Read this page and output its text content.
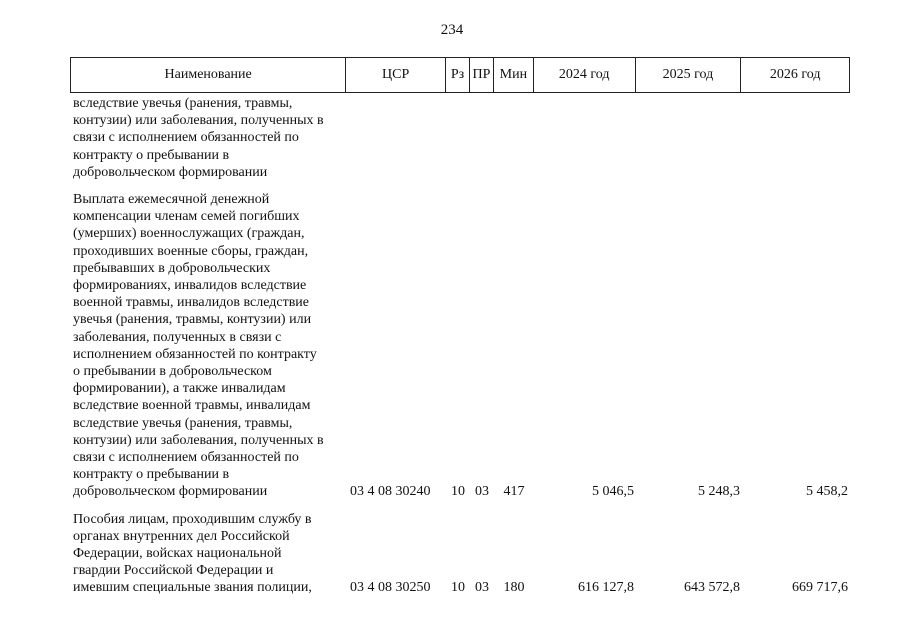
234
Наименование	ЦСР	Рз ПР Мин	2024 год	2025 год	2026 год
вследствие увечья (ранения, травмы,
контузии) или заболевания, полученных в
связи с исполнением обязанностей по
контракту о пребывании в
добровольческом формировании
Выплата ежемесячной денежной
компенсации членам семей погибших
(умерших) военнослужащих (граждан,
проходивших военные сборы, граждан,
пребывавших в добровольческих
формированиях, инвалидов вследствие
военной травмы, инвалидов вследствие
увечья (ранения, травмы, контузии) или
заболевания, полученных в связи с
исполнением обязанностей по контракту
о пребывании в добровольческом
формировании), а также инвалидам
вследствие военной травмы, инвалидам
вследствие увечья (ранения, травмы,
контузии) или заболевания, полученных в
связи с исполнением обязанностей по
контракту о пребывании в
добровольческом формировании	03 4 08 30240	10 03	417	5 046,5	5 248,3	5 458,2
Пособия лицам, проходившим службу в
органах внутренних дел Российской
Федерации, войсках национальной
гвардии Российской Федерации и
имевшим специальные звания полиции,	03 4 08 30250	10 03	180	616 127,8	643 572,8	669 717,6
